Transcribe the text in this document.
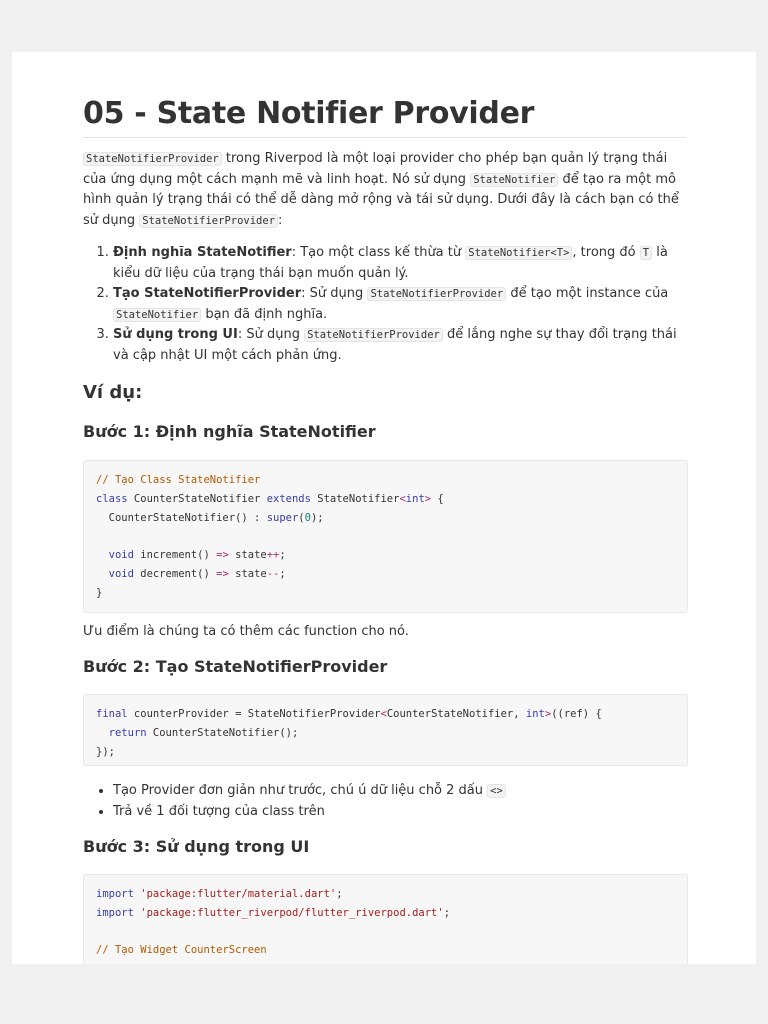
05 - State Notifier Provider

StateNotifierProvider trong Riverpod là một loại provider cho phép bạn quản lý trạng thái của ứng dụng một cách mạnh mẽ và linh hoạt. Nó sử dụng StateNotifier để tạo ra một mô hình quản lý trạng thái có thể dễ dàng mở rộng và tái sử dụng. Dưới đây là cách bạn có thể sử dụng StateNotifierProvider :

1. Định nghĩa StateNotifier: Tạo một class kế thừa từ StateNotifier<T> , trong đó T là kiểu dữ liệu của trạng thái bạn muốn quản lý.
2. Tạo StateNotifierProvider: Sử dụng StateNotifierProvider để tạo một instance của StateNotifier bạn đã định nghĩa.
3. Sử dụng trong UI: Sử dụng StateNotifierProvider để lắng nghe sự thay đổi trạng thái và cập nhật UI một cách phản ứng.
Ví dụ:
Bước 1: Định nghĩa StateNotifier
// Tạo Class StateNotifier
class CounterStateNotifier extends StateNotifier<int> {
CounterStateNotifier() : super(0);

void increment() => state++;
void decrement() => state--;
}

Ưu điểm là chúng ta có thêm các function cho nó.

Bước 2: Tạo StateNotifierProvider
final counterProvider = StateNotifierProvider<CounterStateNotifier, int>((ref) {
return CounterStateNotifier();
});
• Tạo Provider đơn giản như trước, chú ú dữ liệu chỗ 2 dấu <>
• Trả về 1 đối tượng của class trên
Bước 3: Sử dụng trong UI
import 'package:flutter/material.dart';
import 'package:flutter_riverpod/flutter_riverpod.dart';

// Tạo Widget CounterScreen
